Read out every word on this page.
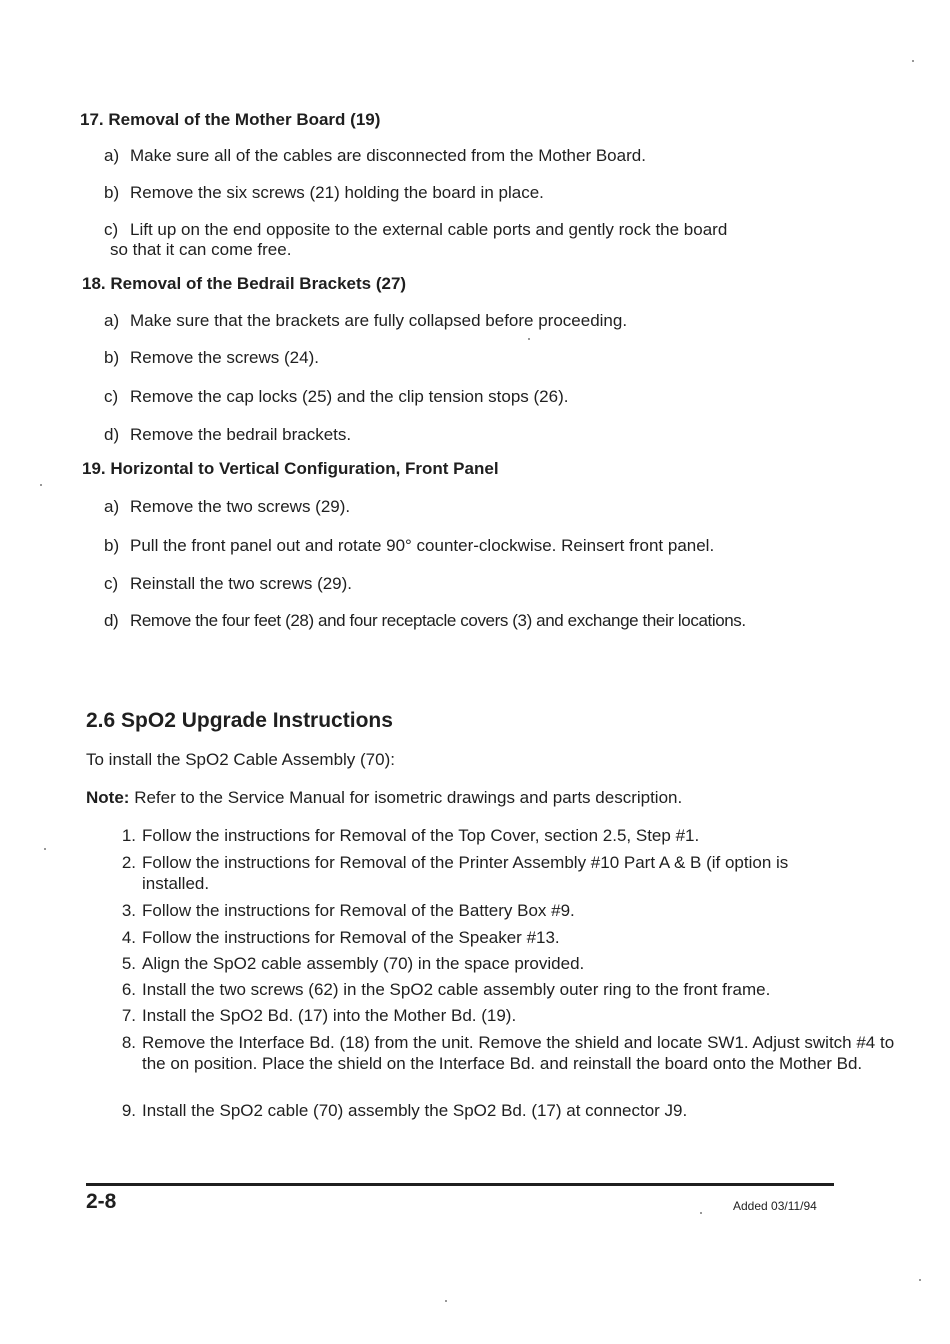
17. Removal of the Mother Board (19)
a) Make sure all of the cables are disconnected from the Mother Board.
b) Remove the six screws (21) holding the board in place.
c) Lift up on the end opposite to the external cable ports and gently rock the board
so that it can come free.
18. Removal of the Bedrail Brackets (27)
a) Make sure that the brackets are fully collapsed before proceeding.
b) Remove the screws (24).
c) Remove the cap locks (25) and the clip tension stops (26).
d) Remove the bedrail brackets.
19. Horizontal to Vertical Configuration, Front Panel
a) Remove the two screws (29).
b) Pull the front panel out and rotate 90° counter-clockwise. Reinsert front panel.
c) Reinstall the two screws (29).
d) Remove the four feet (28) and four receptacle covers (3) and exchange their locations.
2.6 SpO2 Upgrade Instructions
To install the SpO2 Cable Assembly (70):
Note: Refer to the Service Manual for isometric drawings and parts description.
1. Follow the instructions for Removal of the Top Cover, section 2.5, Step #1.
2. Follow the instructions for Removal of the Printer Assembly #10 Part A & B (if option is installed.
3. Follow the instructions for Removal of the Battery Box #9.
4. Follow the instructions for Removal of the Speaker #13.
5. Align the SpO2 cable assembly (70) in the space provided.
6. Install the two screws (62) in the SpO2 cable assembly outer ring to the front frame.
7. Install the SpO2 Bd. (17) into the Mother Bd. (19).
8. Remove the Interface Bd. (18) from the unit. Remove the shield and locate SW1. Adjust switch #4 to the on position. Place the shield on the Interface Bd. and reinstall the board onto the Mother Bd.
9. Install the SpO2 cable (70) assembly the SpO2 Bd. (17) at connector J9.
2-8	Added 03/11/94
